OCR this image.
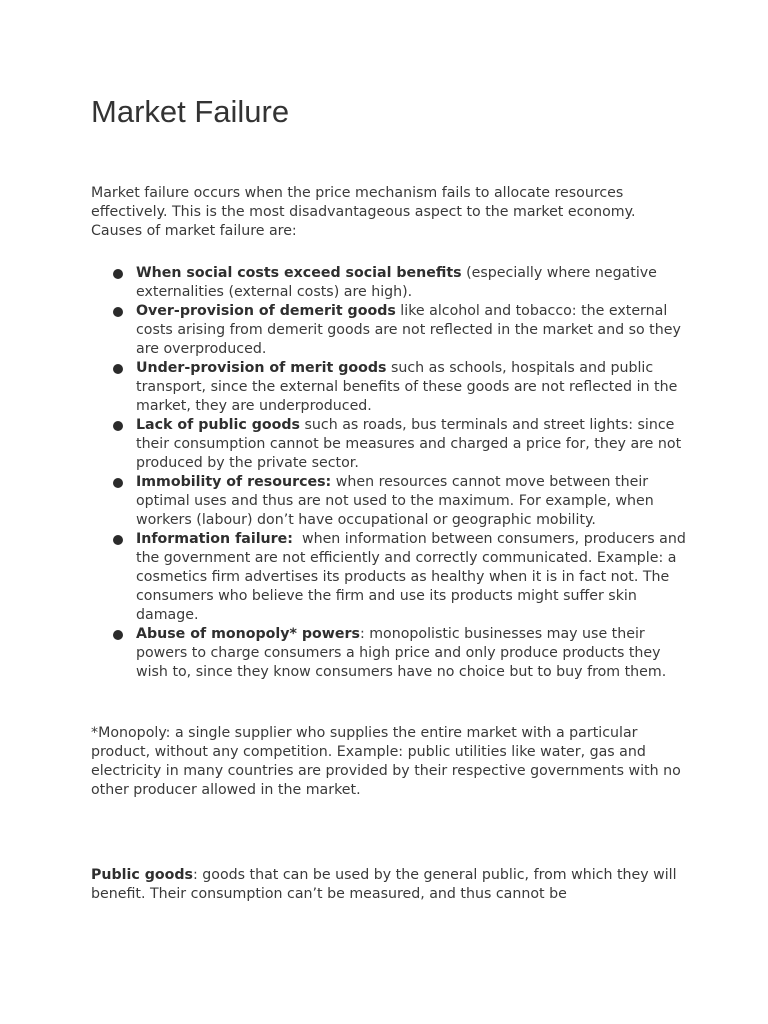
Market Failure

Market failure occurs when the price mechanism fails to allocate resources effectively. This is the most disadvantageous aspect to the market economy. Causes of market failure are:

When social costs exceed social benefits (especially where negative externalities (external costs) are high).

Over-provision of demerit goods like alcohol and tobacco: the external costs arising from demerit goods are not reflected in the market and so they are overproduced.

Under-provision of merit goods such as schools, hospitals and public transport, since the external benefits of these goods are not reflected in the market, they are underproduced.

Lack of public goods such as roads, bus terminals and street lights: since their consumption cannot be measures and charged a price for, they are not produced by the private sector.

Immobility of resources: when resources cannot move between their optimal uses and thus are not used to the maximum. For example, when workers (labour) don’t have occupational or geographic mobility.

Information failure:  when information between consumers, producers and the government are not efficiently and correctly communicated. Example: a cosmetics firm advertises its products as healthy when it is in fact not. The consumers who believe the firm and use its products might suffer skin damage.

Abuse of monopoly* powers: monopolistic businesses may use their powers to charge consumers a high price and only produce products they wish to, since they know consumers have no choice but to buy from them.

*Monopoly: a single supplier who supplies the entire market with a particular product, without any competition. Example: public utilities like water, gas and electricity in many countries are provided by their respective governments with no other producer allowed in the market.

Public goods: goods that can be used by the general public, from which they will benefit. Their consumption can’t be measured, and thus cannot be
